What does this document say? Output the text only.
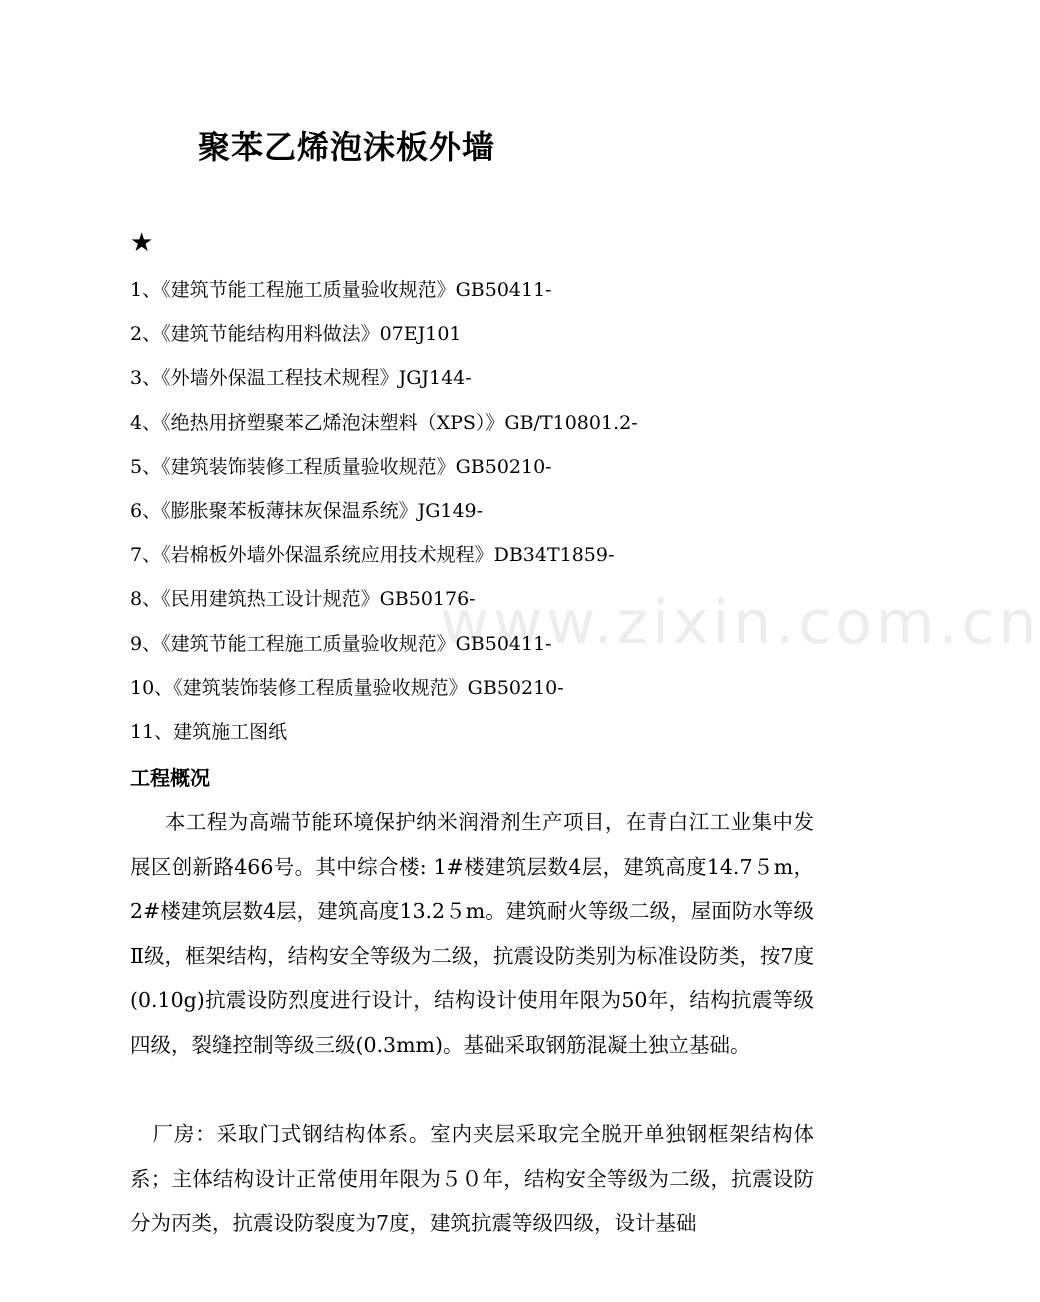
www.zixin.com.cn
聚苯乙烯泡沫板外墙
★
1、《建筑节能工程施工质量验收规范》GB50411-
2、《建筑节能结构用料做法》07EJ101
3、《外墙外保温工程技术规程》JGJ144-
4、《绝热用挤塑聚苯乙烯泡沫塑料（XPS）》GB/T10801.2-
5、《建筑装饰装修工程质量验收规范》GB50210-
6、《膨胀聚苯板薄抹灰保温系统》JG149-
7、《岩棉板外墙外保温系统应用技术规程》DB34T1859-
8、《民用建筑热工设计规范》GB50176-
9、《建筑节能工程施工质量验收规范》GB50411-
10、《建筑装饰装修工程质量验收规范》GB50210-
11、建筑施工图纸
工程概况

本工程为高端节能环境保护纳米润滑剂生产项目，在青白江工业集中发展区创新路466号。其中综合楼: 1#楼建筑层数4层，建筑高度14.7５m，2#楼建筑层数4层，建筑高度13.2５m。建筑耐火等级二级，屋面防水等级Ⅱ级，框架结构，结构安全等级为二级，抗震设防类别为标准设防类，按7度(0.10g)抗震设防烈度进行设计，结构设计使用年限为50年，结构抗震等级四级，裂缝控制等级三级(0.3mm)。基础采取钢筋混凝土独立基础。

厂房：采取门式钢结构体系。室内夹层采取完全脱开单独钢框架结构体系；主体结构设计正常使用年限为５０年，结构安全等级为二级，抗震设防分为丙类，抗震设防裂度为7度，建筑抗震等级四级，设计基础
